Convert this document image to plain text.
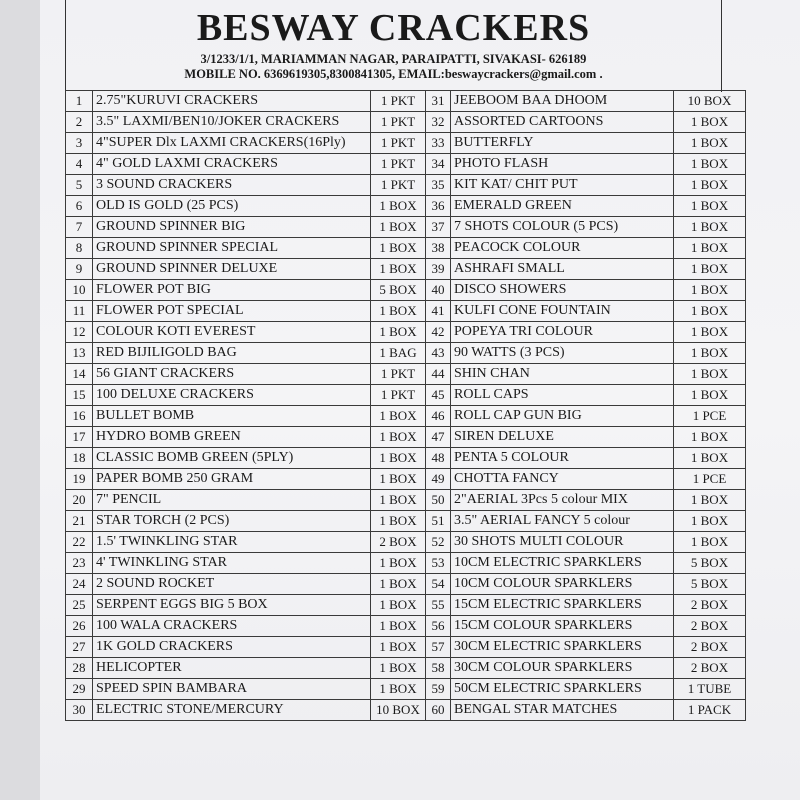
BESWAY CRACKERS
3/1233/1/1, MARIAMMAN NAGAR, PARAIPATTI, SIVAKASI- 626189
MOBILE NO. 6369619305,8300841305, EMAIL:beswaycrackers@gmail.com .
1	2.75"KURUVI CRACKERS	1 PKT	31	JEEBOOM BAA DHOOM	10 BOX
2	3.5" LAXMI/BEN10/JOKER CRACKERS	1 PKT	32	ASSORTED CARTOONS	1 BOX
3	4"SUPER Dlx LAXMI CRACKERS(16Ply)	1 PKT	33	BUTTERFLY	1 BOX
4	4" GOLD LAXMI CRACKERS	1 PKT	34	PHOTO FLASH	1 BOX
5	3 SOUND CRACKERS	1 PKT	35	KIT KAT/ CHIT PUT	1 BOX
6	OLD IS GOLD (25 PCS)	1 BOX	36	EMERALD GREEN	1 BOX
7	GROUND SPINNER BIG	1 BOX	37	7 SHOTS COLOUR (5 PCS)	1 BOX
8	GROUND SPINNER SPECIAL	1 BOX	38	PEACOCK COLOUR	1 BOX
9	GROUND SPINNER DELUXE	1 BOX	39	ASHRAFI SMALL	1 BOX
10	FLOWER POT BIG	5 BOX	40	DISCO SHOWERS	1 BOX
11	FLOWER POT SPECIAL	1 BOX	41	KULFI CONE FOUNTAIN	1 BOX
12	COLOUR KOTI EVEREST	1 BOX	42	POPEYA TRI COLOUR	1 BOX
13	RED BIJILIGOLD BAG	1 BAG	43	90 WATTS (3 PCS)	1 BOX
14	56 GIANT CRACKERS	1 PKT	44	SHIN CHAN	1 BOX
15	100 DELUXE CRACKERS	1 PKT	45	ROLL CAPS	1 BOX
16	BULLET BOMB	1 BOX	46	ROLL CAP GUN BIG	1 PCE
17	HYDRO BOMB GREEN	1 BOX	47	SIREN DELUXE	1 BOX
18	CLASSIC BOMB GREEN (5PLY)	1 BOX	48	PENTA 5 COLOUR	1 BOX
19	PAPER BOMB 250 GRAM	1 BOX	49	CHOTTA FANCY	1 PCE
20	7" PENCIL	1 BOX	50	2"AERIAL 3Pcs 5 colour MIX	1 BOX
21	STAR TORCH (2 PCS)	1 BOX	51	3.5" AERIAL FANCY 5 colour	1 BOX
22	1.5' TWINKLING STAR	2 BOX	52	30 SHOTS MULTI COLOUR	1 BOX
23	4' TWINKLING STAR	1 BOX	53	10CM ELECTRIC SPARKLERS	5 BOX
24	2 SOUND ROCKET	1 BOX	54	10CM COLOUR SPARKLERS	5 BOX
25	SERPENT EGGS BIG 5 BOX	1 BOX	55	15CM ELECTRIC SPARKLERS	2 BOX
26	100 WALA CRACKERS	1 BOX	56	15CM COLOUR SPARKLERS	2 BOX
27	1K GOLD CRACKERS	1 BOX	57	30CM ELECTRIC SPARKLERS	2 BOX
28	HELICOPTER	1 BOX	58	30CM COLOUR SPARKLERS	2 BOX
29	SPEED SPIN BAMBARA	1 BOX	59	50CM ELECTRIC SPARKLERS	1 TUBE
30	ELECTRIC STONE/MERCURY	10 BOX	60	BENGAL STAR MATCHES	1 PACK
